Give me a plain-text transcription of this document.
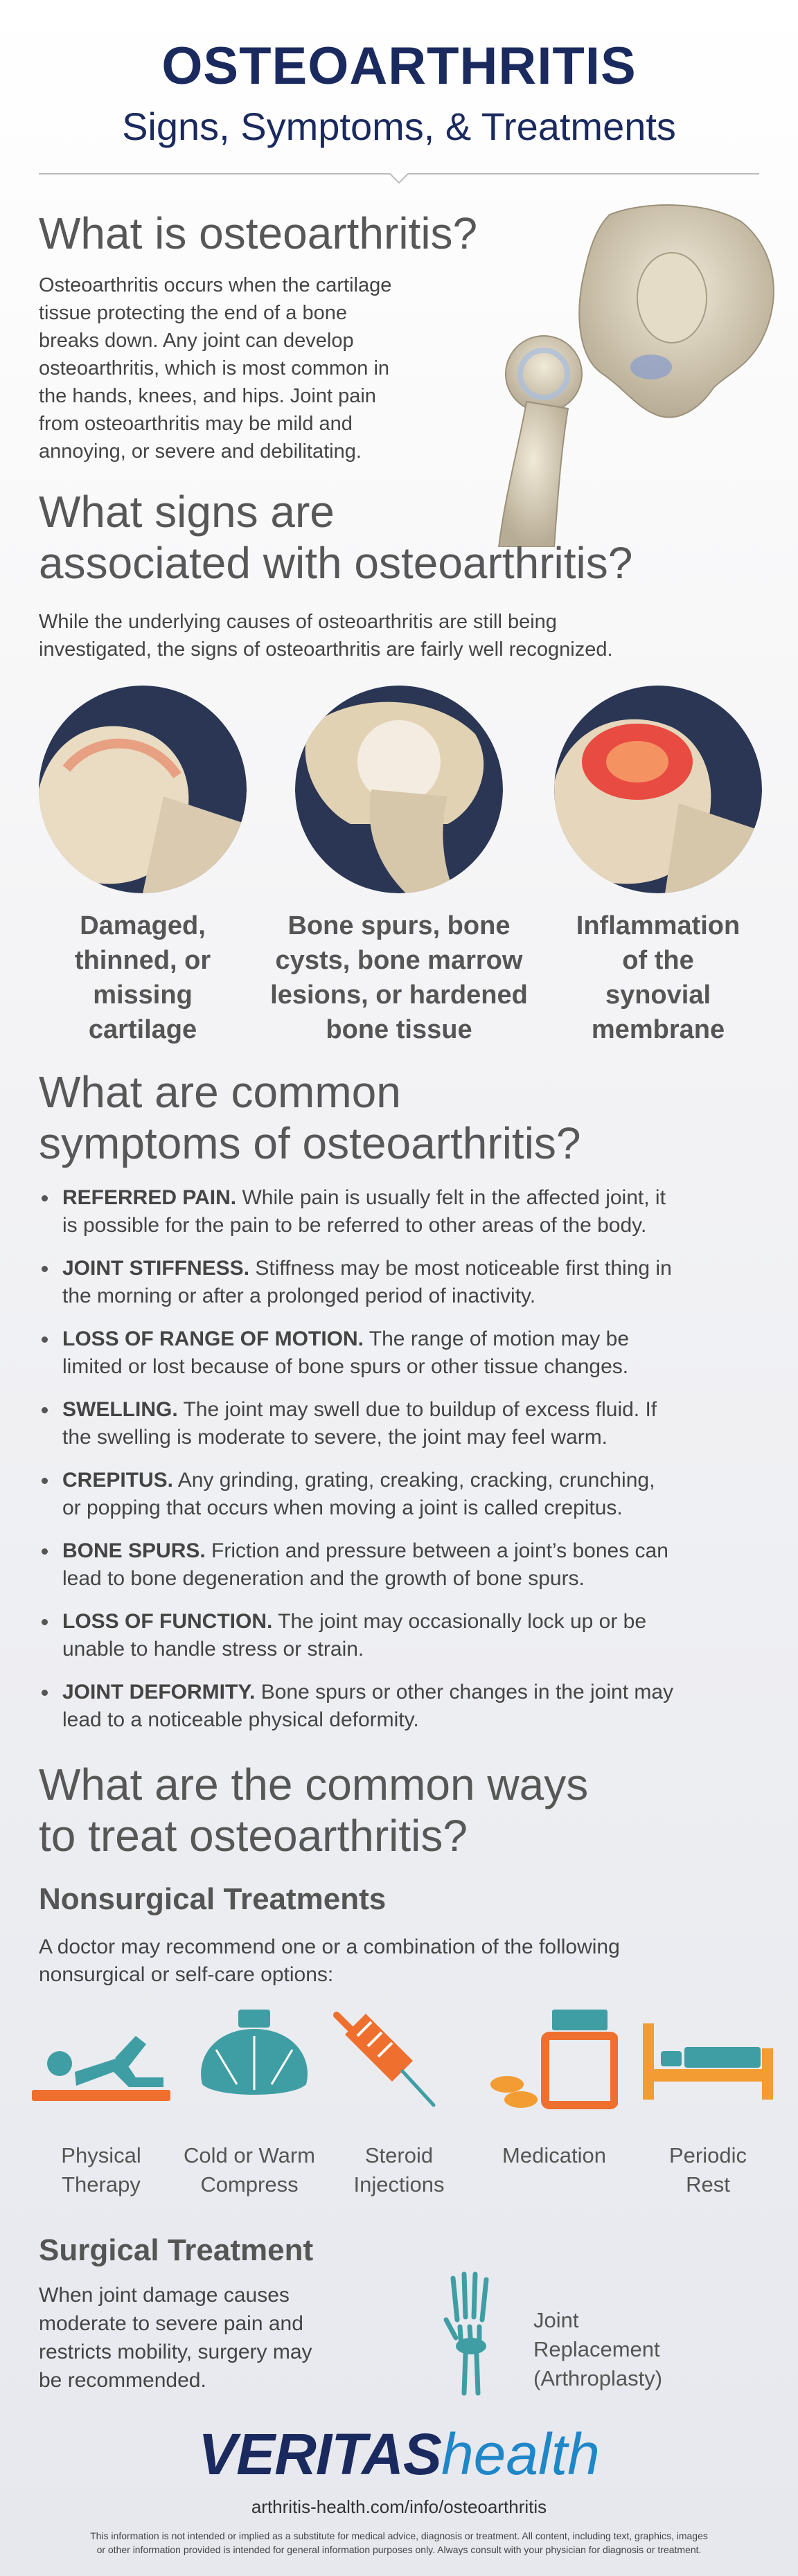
OSTEOARTHRITIS
Signs, Symptoms, & Treatments
What is osteoarthritis?
Osteoarthritis occurs when the cartilage
tissue protecting the end of a bone
breaks down. Any joint can develop
osteoarthritis, which is most common in
the hands, knees, and hips. Joint pain
from osteoarthritis may be mild and
annoying, or severe and debilitating.
What signs are
associated with osteoarthritis?
While the underlying causes of osteoarthritis are still being
investigated, the signs of osteoarthritis are fairly well recognized.
Damaged,
thinned, or
missing
cartilage
Bone spurs, bone
cysts, bone marrow
lesions, or hardened
bone tissue
Inflammation
of the
synovial
membrane
What are common
symptoms of osteoarthritis?
REFERRED PAIN. While pain is usually felt in the affected joint, it
is possible for the pain to be referred to other areas of the body.
JOINT STIFFNESS. Stiffness may be most noticeable first thing in
the morning or after a prolonged period of inactivity.
LOSS OF RANGE OF MOTION. The range of motion may be
limited or lost because of bone spurs or other tissue changes.
SWELLING. The joint may swell due to buildup of excess fluid. If
the swelling is moderate to severe, the joint may feel warm.
CREPITUS. Any grinding, grating, creaking, cracking, crunching,
or popping that occurs when moving a joint is called crepitus.
BONE SPURS. Friction and pressure between a joint’s bones can
lead to bone degeneration and the growth of bone spurs.
LOSS OF FUNCTION. The joint may occasionally lock up or be
unable to handle stress or strain.
JOINT DEFORMITY. Bone spurs or other changes in the joint may
lead to a noticeable physical deformity.
What are the common ways
to treat osteoarthritis?
Nonsurgical Treatments
A doctor may recommend one or a combination of the following
nonsurgical or self-care options:
Physical
Therapy
Cold or Warm
Compress
Steroid
Injections
Medication	Periodic
Rest
Surgical Treatment
When joint damage causes
moderate to severe pain and
restricts mobility, surgery may
be recommended.
Joint
Replacement
(Arthroplasty)
VERITAShealth
arthritis-health.com/info/osteoarthritis
This information is not intended or implied as a substitute for medical advice, diagnosis or treatment. All content, including text, graphics, images
or other information provided is intended for general information purposes only. Always consult with your physician for diagnosis or treatment.
